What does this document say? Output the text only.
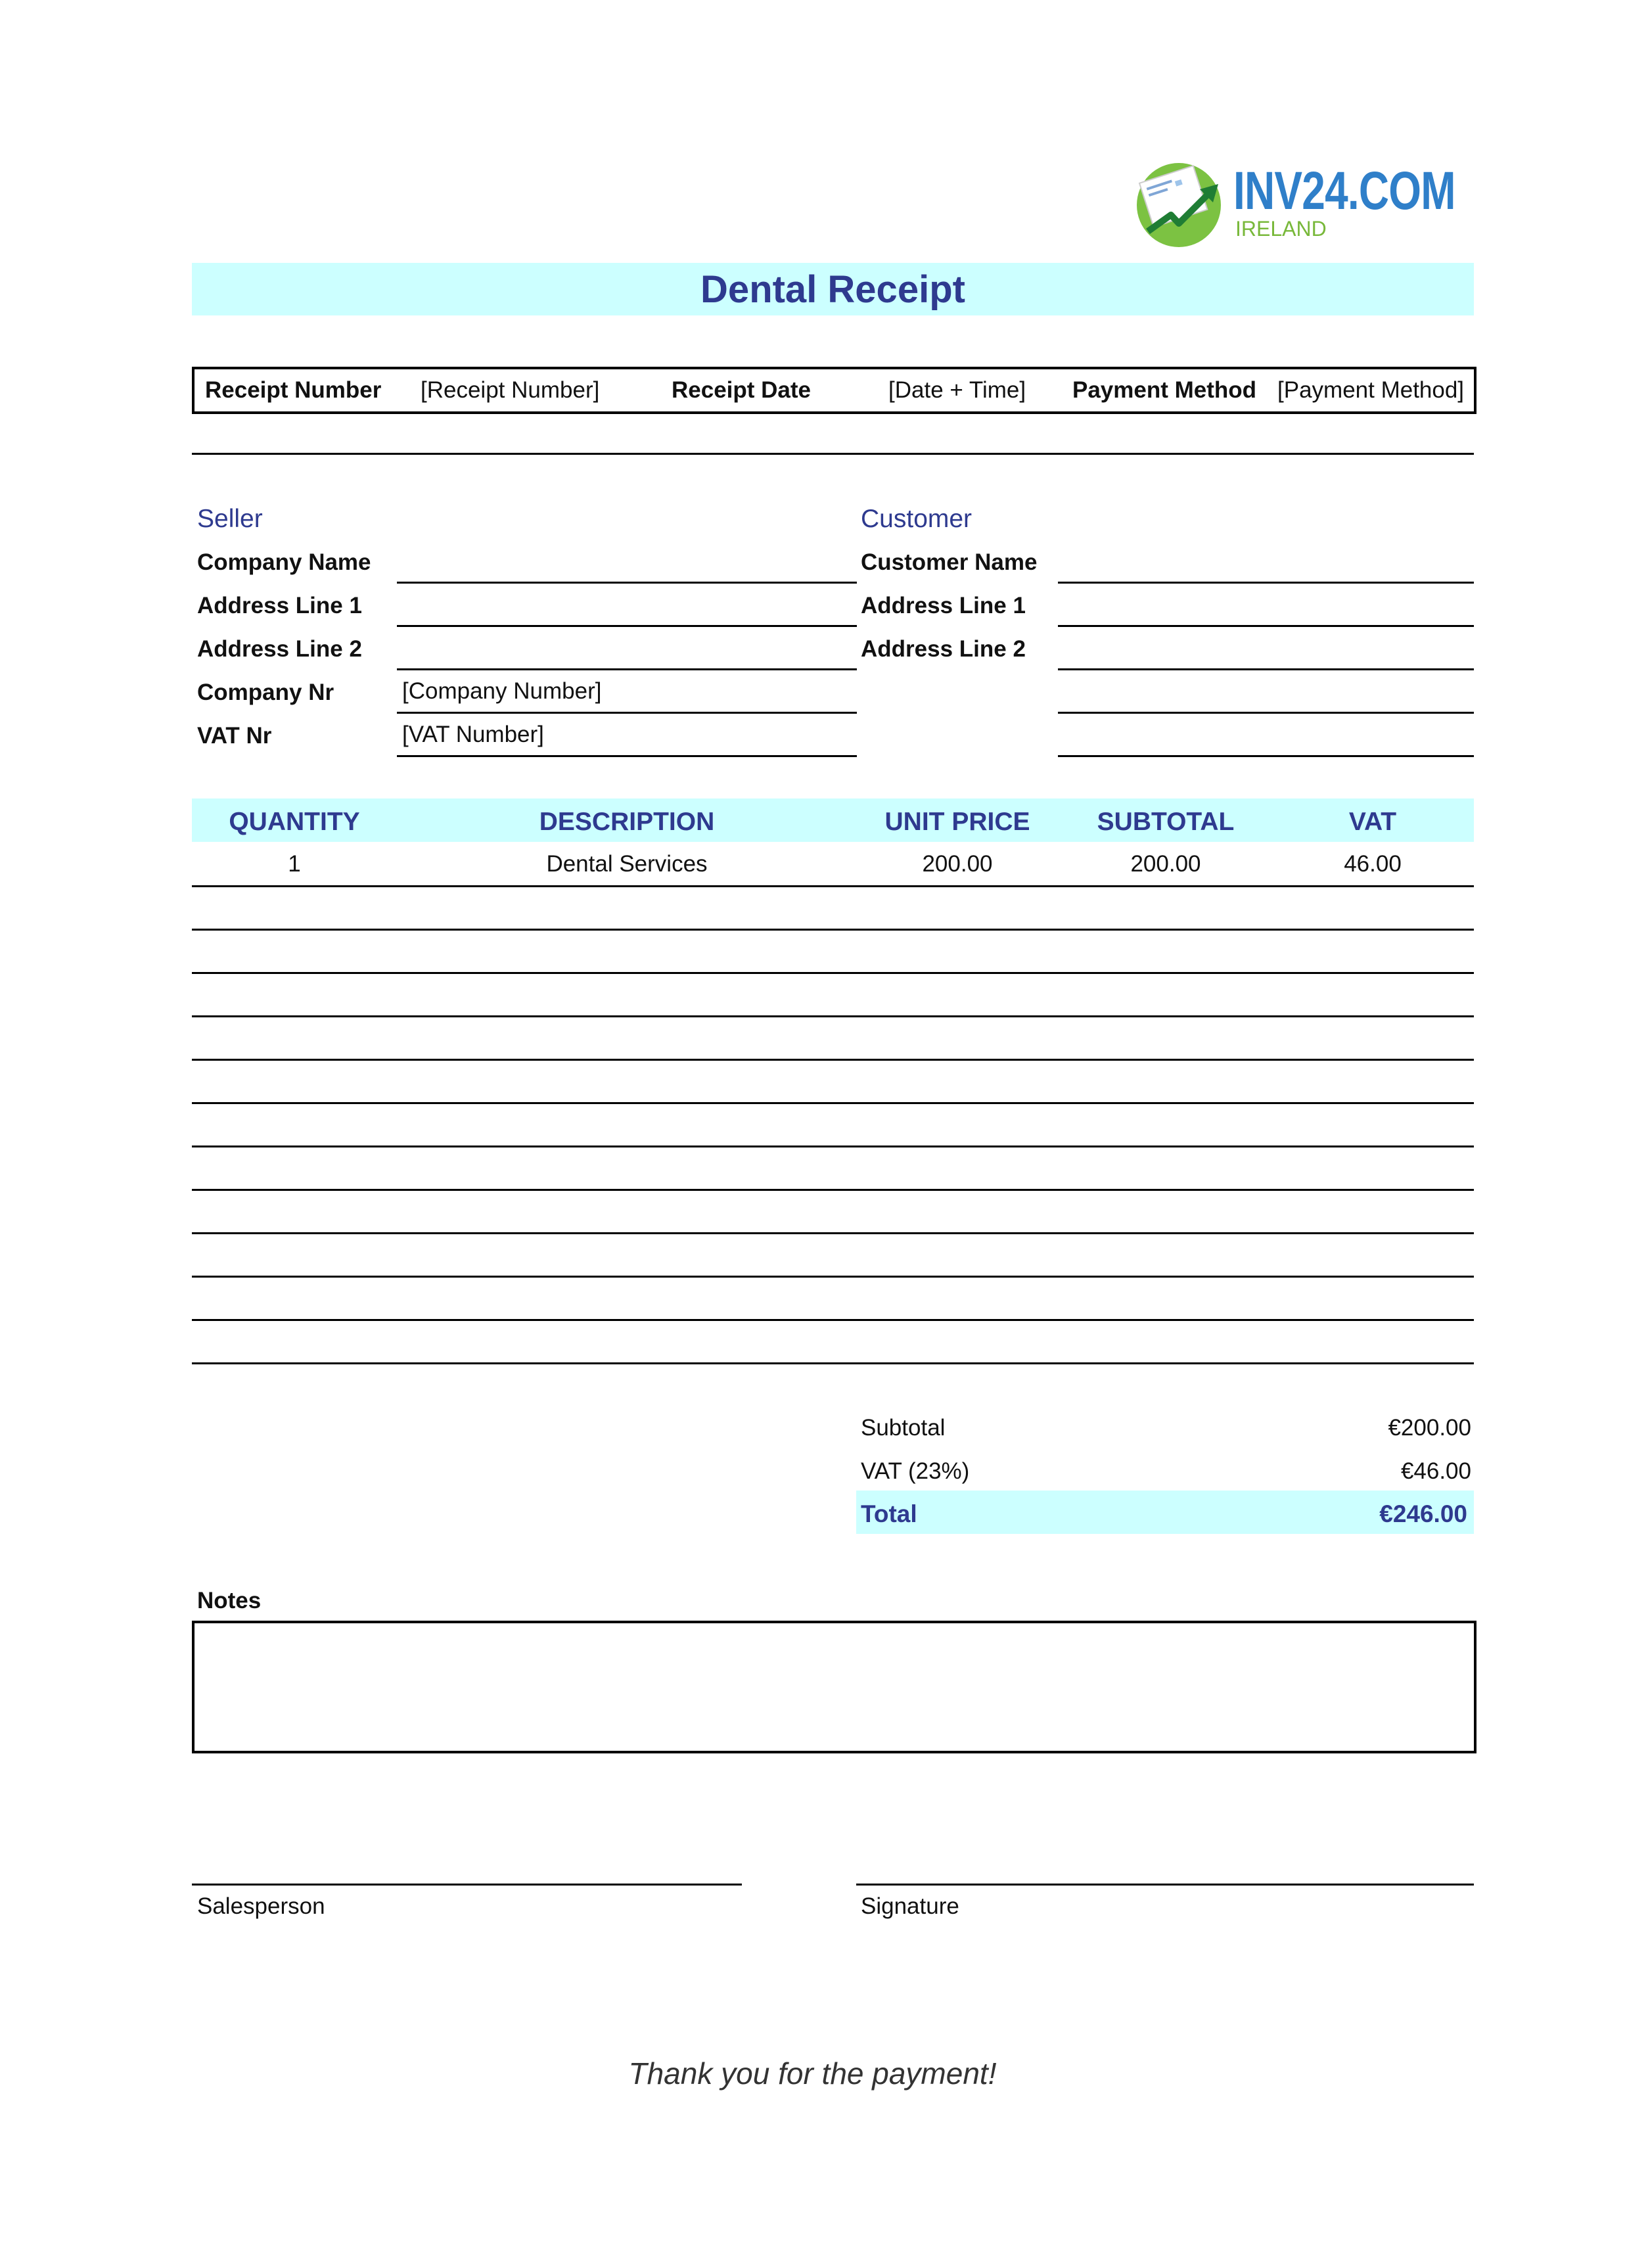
INV24.COM
IRELAND
Dental Receipt
Receipt Number [Receipt Number]	Receipt Date	[Date + Time] Payment Method [Payment Method]
Seller
Company Name
Address Line 1
Address Line 2
Company Nr	[Company Number]
VAT Nr	[VAT Number]
Customer
Customer Name
Address Line 1
Address Line 2
QUANTITY	DESCRIPTION	UNIT PRICE	SUBTOTAL	VAT
1	Dental Services	200.00	200.00	46.00
Subtotal	€200.00
VAT (23%)	€46.00
Total	€246.00
Notes
Salesperson	Signature
Thank you for the payment!
